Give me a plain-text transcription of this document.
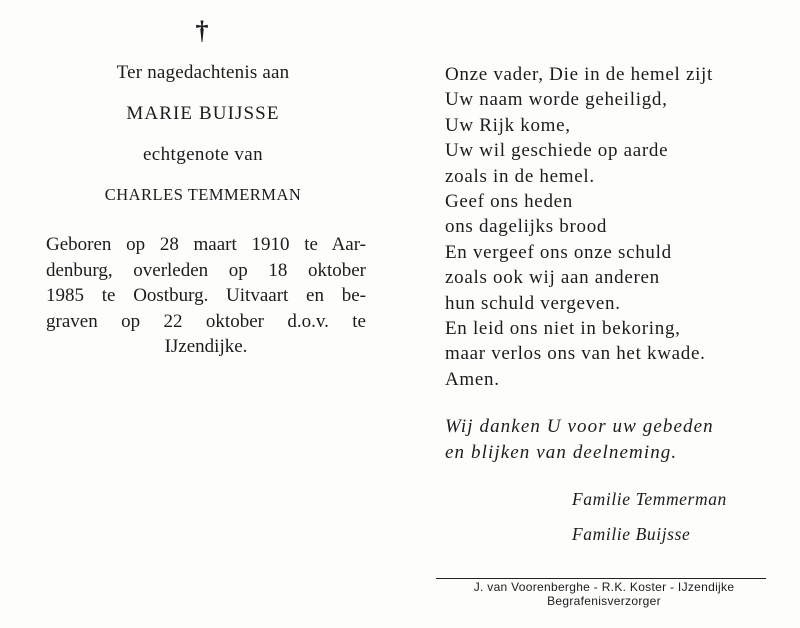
†
Ter nagedachtenis aan
MARIE BUIJSSE
echtgenote van
CHARLES TEMMERMAN
Geboren op 28 maart 1910 te Aar-
denburg, overleden op 18 oktober
1985 te Oostburg. Uitvaart en be-
graven op 22 oktober d.o.v. te
IJzendijke.
Onze vader, Die in de hemel zijt
Uw naam worde geheiligd,
Uw Rijk kome,
Uw wil geschiede op aarde
zoals in de hemel.
Geef ons heden
ons dagelijks brood
En vergeef ons onze schuld
zoals ook wij aan anderen
hun schuld vergeven.
En leid ons niet in bekoring,
maar verlos ons van het kwade.
Amen.
Wij danken U voor uw gebeden
en blijken van deelneming.
Familie Temmerman
Familie Buijsse
J. van Voorenberghe - R.K. Koster - IJzendijke
Begrafenisverzorger
